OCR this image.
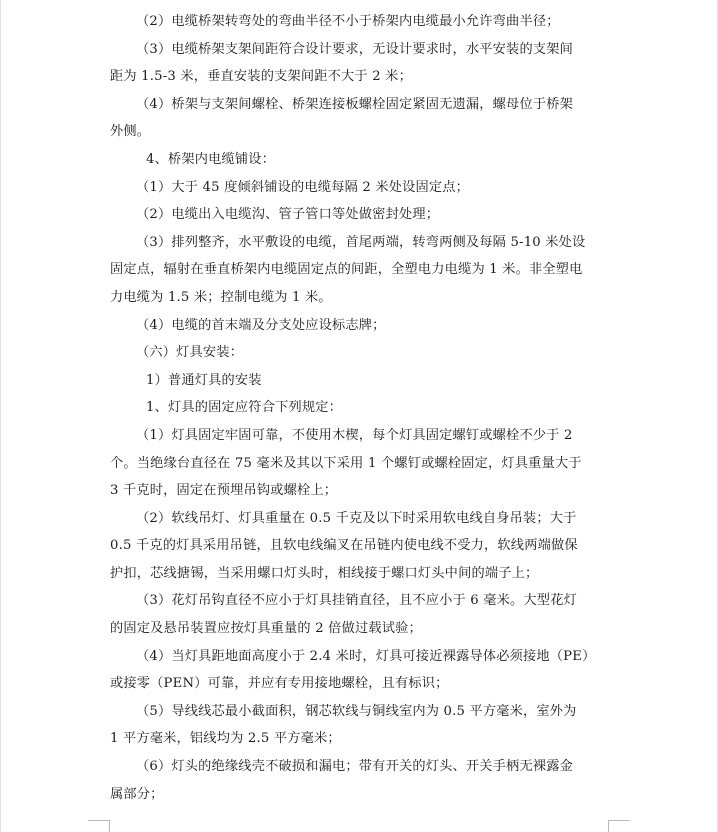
（2）电缆桥架转弯处的弯曲半径不小于桥架内电缆最小允许弯曲半径；
（3）电缆桥架支架间距符合设计要求，无设计要求时，水平安装的支架间
距为 1.5-3 米，垂直安装的支架间距不大于 2 米；
（4）桥架与支架间螺栓、桥架连接板螺栓固定紧固无遗漏，螺母位于桥架
外侧。
4、桥架内电缆铺设：
（1）大于 45 度倾斜铺设的电缆每隔 2 米处设固定点；
（2）电缆出入电缆沟、管子管口等处做密封处理；
（3）排列整齐，水平敷设的电缆，首尾两端，转弯两侧及每隔 5-10 米处设
固定点，辐射在垂直桥架内电缆固定点的间距，全塑电力电缆为 1 米。非全塑电
力电缆为 1.5 米；控制电缆为 1 米。
（4）电缆的首末端及分支处应设标志牌；
（六）灯具安装：
1）普通灯具的安装
1、灯具的固定应符合下列规定：
（1）灯具固定牢固可靠，不使用木楔，每个灯具固定螺钉或螺栓不少于 2
个。当绝缘台直径在 75 毫米及其以下采用 1 个螺钉或螺栓固定，灯具重量大于
3 千克时，固定在预埋吊钩或螺栓上；
（2）软线吊灯、灯具重量在 0.5 千克及以下时采用软电线自身吊装；大于
0.5 千克的灯具采用吊链，且软电线编叉在吊链内使电线不受力，软线两端做保
护扣，芯线搪锡，当采用螺口灯头时，相线接于螺口灯头中间的端子上；
（3）花灯吊钩直径不应小于灯具挂销直径，且不应小于 6 毫米。大型花灯
的固定及悬吊装置应按灯具重量的 2 倍做过载试验；
（4）当灯具距地面高度小于 2.4 米时，灯具可接近裸露导体必须接地（PE）
或接零（PEN）可靠，并应有专用接地螺栓，且有标识；
（5）导线线芯最小截面积，钢芯软线与铜线室内为 0.5 平方毫米，室外为
1 平方毫米，铝线均为 2.5 平方毫米；
（6）灯头的绝缘线壳不破损和漏电；带有开关的灯头、开关手柄无裸露金
属部分；
